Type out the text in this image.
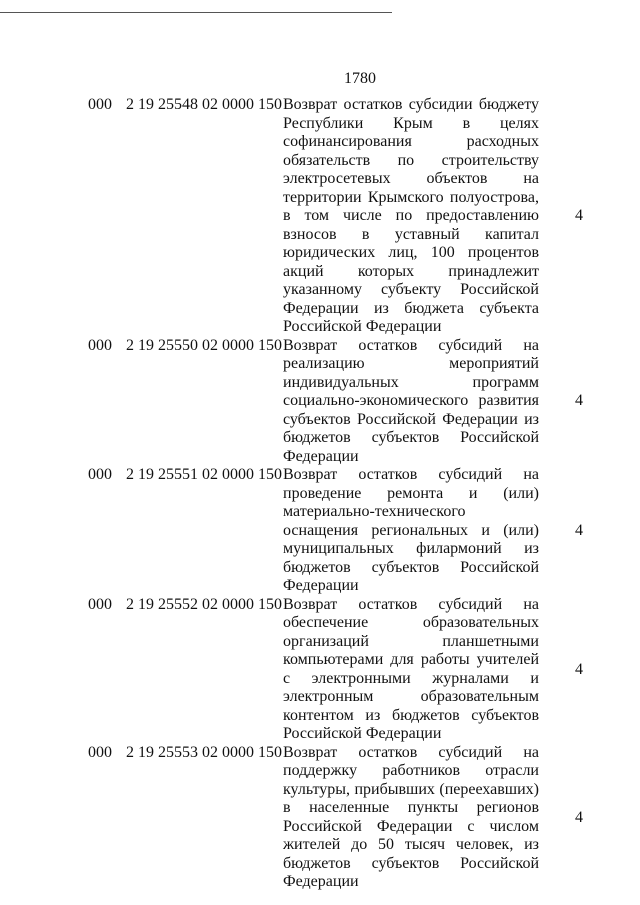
1780
000 2 19 25548 02 0000 150 Возврат остатков субсидии бюджету Республики Крым в целях софинансирования расходных обязательств по строительству электросетевых объектов на территории Крымского полуострова, в том числе по предоставлению взносов в уставный капитал юридических лиц, 100 процентов акций которых принадлежит указанному субъекту Российской Федерации из бюджета субъекта Российской Федерации
4
000 2 19 25550 02 0000 150 Возврат остатков субсидий на реализацию мероприятий индивидуальных программ социально-экономического развития субъектов Российской Федерации из бюджетов субъектов Российской Федерации
4
000 2 19 25551 02 0000 150 Возврат остатков субсидий на проведение ремонта и (или) материально-технического оснащения региональных и (или) муниципальных филармоний из бюджетов субъектов Российской Федерации
4
000 2 19 25552 02 0000 150 Возврат остатков субсидий на обеспечение образовательных организаций планшетными компьютерами для работы учителей с электронными журналами и электронным образовательным контентом из бюджетов субъектов Российской Федерации
4
000 2 19 25553 02 0000 150 Возврат остатков субсидий на поддержку работников отрасли культуры, прибывших (переехавших) в населенные пункты регионов Российской Федерации с числом жителей до 50 тысяч человек, из бюджетов субъектов Российской Федерации
4
